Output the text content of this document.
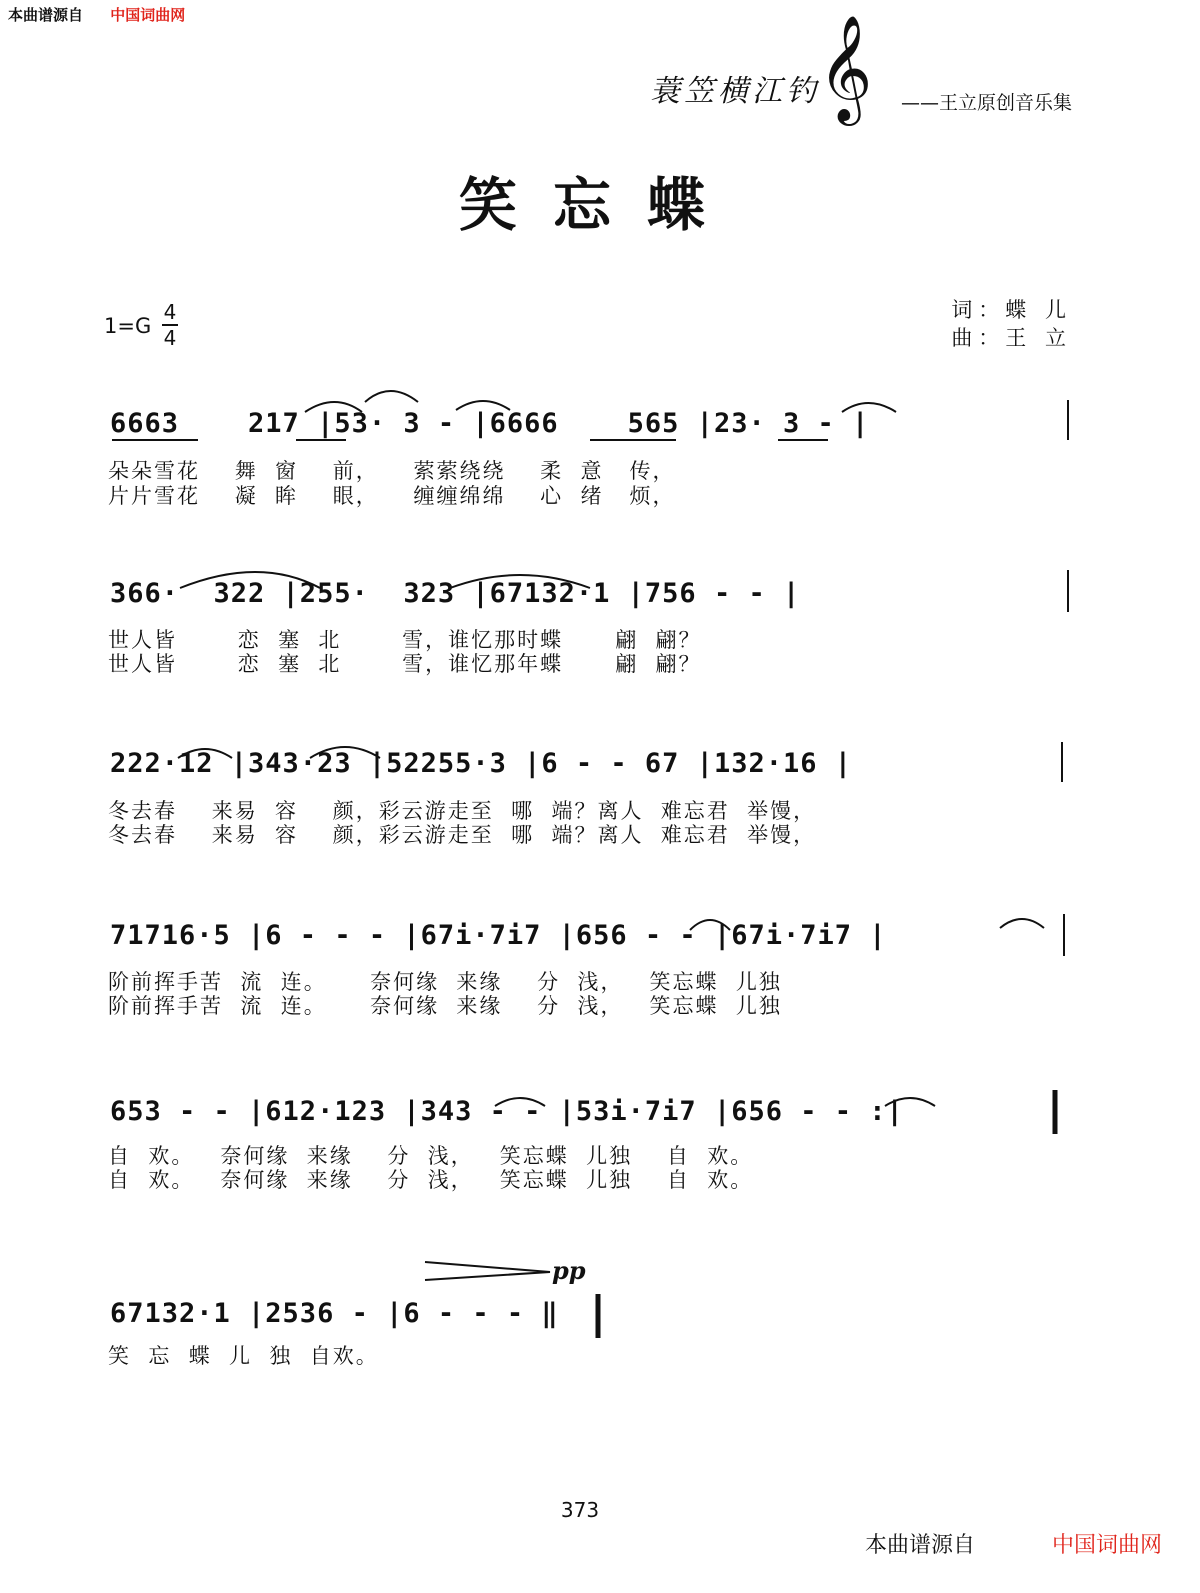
本曲谱源自 中国词曲网
蓑笠横江钓
𝄞 ——王立原创音乐集
笑忘蝶
1=G
4
4
词：蝶 儿
曲：王 立
6663    217 |53· 3 - |6666    565 |23· 3 - |
朵朵雪花    舞  窗    前，    萦萦绕绕    柔  意   传，
片片雪花    凝  眸    眼，    缠缠绵绵    心  绪   烦，
366·  322 |255·  323 |67132·1 |756 - - |
世人皆       恋  塞  北       雪，谁忆那时蝶      翩  翩？
世人皆       恋  塞  北       雪，谁忆那年蝶      翩  翩？
222·12 |343·23 |52255·3 |6 - - 67 |132·16 |
冬去春    来易  容    颜，彩云游走至  哪  端？离人  难忘君  举馒，
冬去春    来易  容    颜，彩云游走至  哪  端？离人  难忘君  举馒，
71716·5 |6 - - - |67i·7i7 |656 - - |67i·7i7 |
阶前挥手苦  流  连。     奈何缘  来缘    分  浅，   笑忘蝶  儿独
阶前挥手苦  流  连。     奈何缘  来缘    分  浅，   笑忘蝶  儿独
653 - - |612·123 |343 - - |53i·7i7 |656 - - :|
自  欢。   奈何缘  来缘    分  浅，   笑忘蝶  儿独    自  欢。
自  欢。   奈何缘  来缘    分  浅，   笑忘蝶  儿独    自  欢。
pp
67132·1 |2536 - |6 - - - ‖
笑  忘  蝶  儿  独  自欢。
373
本曲谱源自	中国词曲网
